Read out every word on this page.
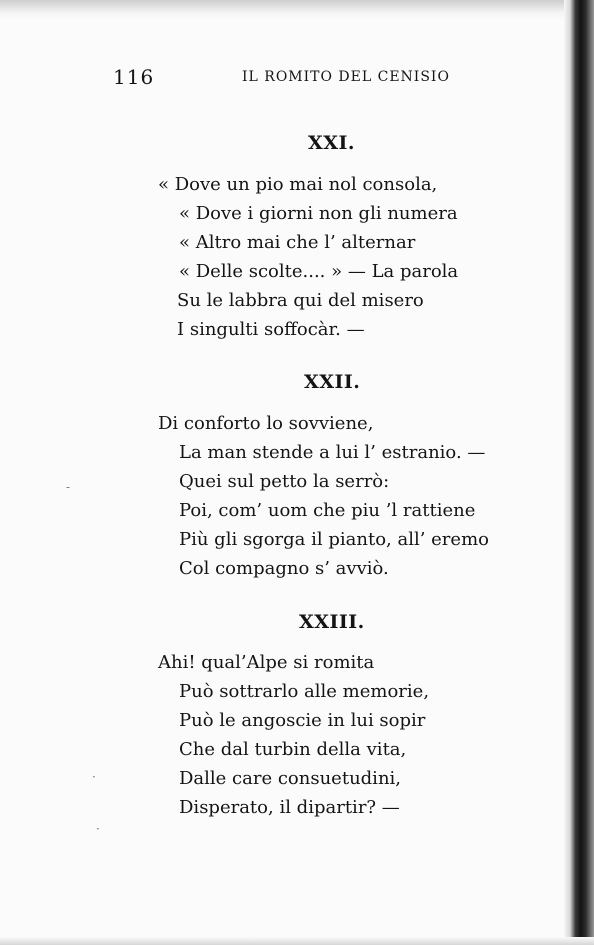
116	IL ROMITO DEL CENISIO
XXI.
« Dove un pio mai nol consola,
« Dove i giorni non gli numera
« Altro mai che l’ alternar
« Delle scolte.... » — La parola
Su le labbra qui del misero
I singulti soffocàr. —
XXII.
Di conforto lo sovviene,
La man stende a lui l’ estranio. —
Quei sul petto la serrò:
Poi, com’ uom che piu ’l rattiene
Più gli sgorga il pianto, all’ eremo
Col compagno s’ avviò.
XXIII.
Ahi! qual’Alpe si romita
Può sottrarlo alle memorie,
Può le angoscie in lui sopir
Che dal turbin della vita,
Dalle care consuetudini,
Disperato, il dipartir? —
-
·
·
